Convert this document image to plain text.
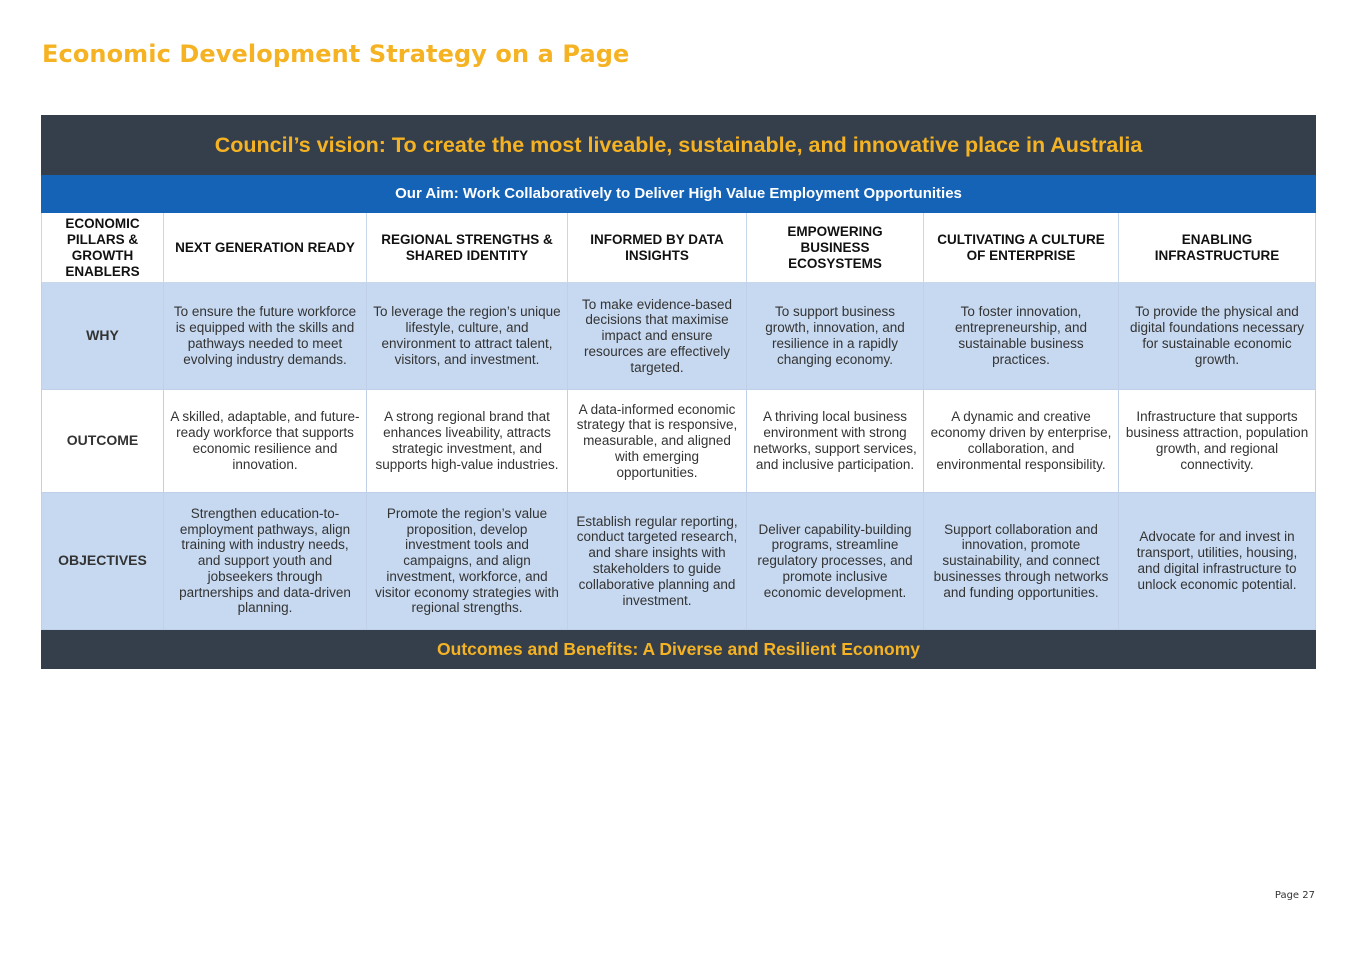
Economic Development Strategy on a Page
Council’s vision: To create the most liveable, sustainable, and innovative place in Australia						
Our Aim: Work Collaboratively to Deliver High Value Employment Opportunities						
ECONOMIC PILLARS & GROWTH ENABLERS	NEXT GENERATION READY	REGIONAL STRENGTHS & SHARED IDENTITY	INFORMED BY DATA INSIGHTS	EMPOWERING BUSINESS ECOSYSTEMS	CULTIVATING A CULTURE OF ENTERPRISE	ENABLING INFRASTRUCTURE
WHY	To ensure the future workforce is equipped with the skills and pathways needed to meet evolving industry demands.	To leverage the region’s unique lifestyle, culture, and environment to attract talent, visitors, and investment.	To make evidence-based decisions that maximise impact and ensure resources are effectively targeted.	To support business growth, innovation, and resilience in a rapidly changing economy.	To foster innovation, entrepreneurship, and sustainable business practices.	To provide the physical and digital foundations necessary for sustainable economic growth.
OUTCOME	A skilled, adaptable, and future-ready workforce that supports economic resilience and innovation.	A strong regional brand that enhances liveability, attracts strategic investment, and supports high-value industries.	A data-informed economic strategy that is responsive, measurable, and aligned with emerging opportunities.	A thriving local business environment with strong networks, support services, and inclusive participation.	A dynamic and creative economy driven by enterprise, collaboration, and environmental responsibility.	Infrastructure that supports business attraction, population growth, and regional connectivity.
OBJECTIVES	Strengthen education-to-employment pathways, align training with industry needs, and support youth and jobseekers through partnerships and data-driven planning.	Promote the region’s value proposition, develop investment tools and campaigns, and align investment, workforce, and visitor economy strategies with regional strengths.	Establish regular reporting, conduct targeted research, and share insights with stakeholders to guide collaborative planning and investment.	Deliver capability-building programs, streamline regulatory processes, and promote inclusive economic development.	Support collaboration and innovation, promote sustainability, and connect businesses through networks and funding opportunities.	Advocate for and invest in transport, utilities, housing, and digital infrastructure to unlock economic potential.
Outcomes and Benefits: A Diverse and Resilient Economy						
Page 27
